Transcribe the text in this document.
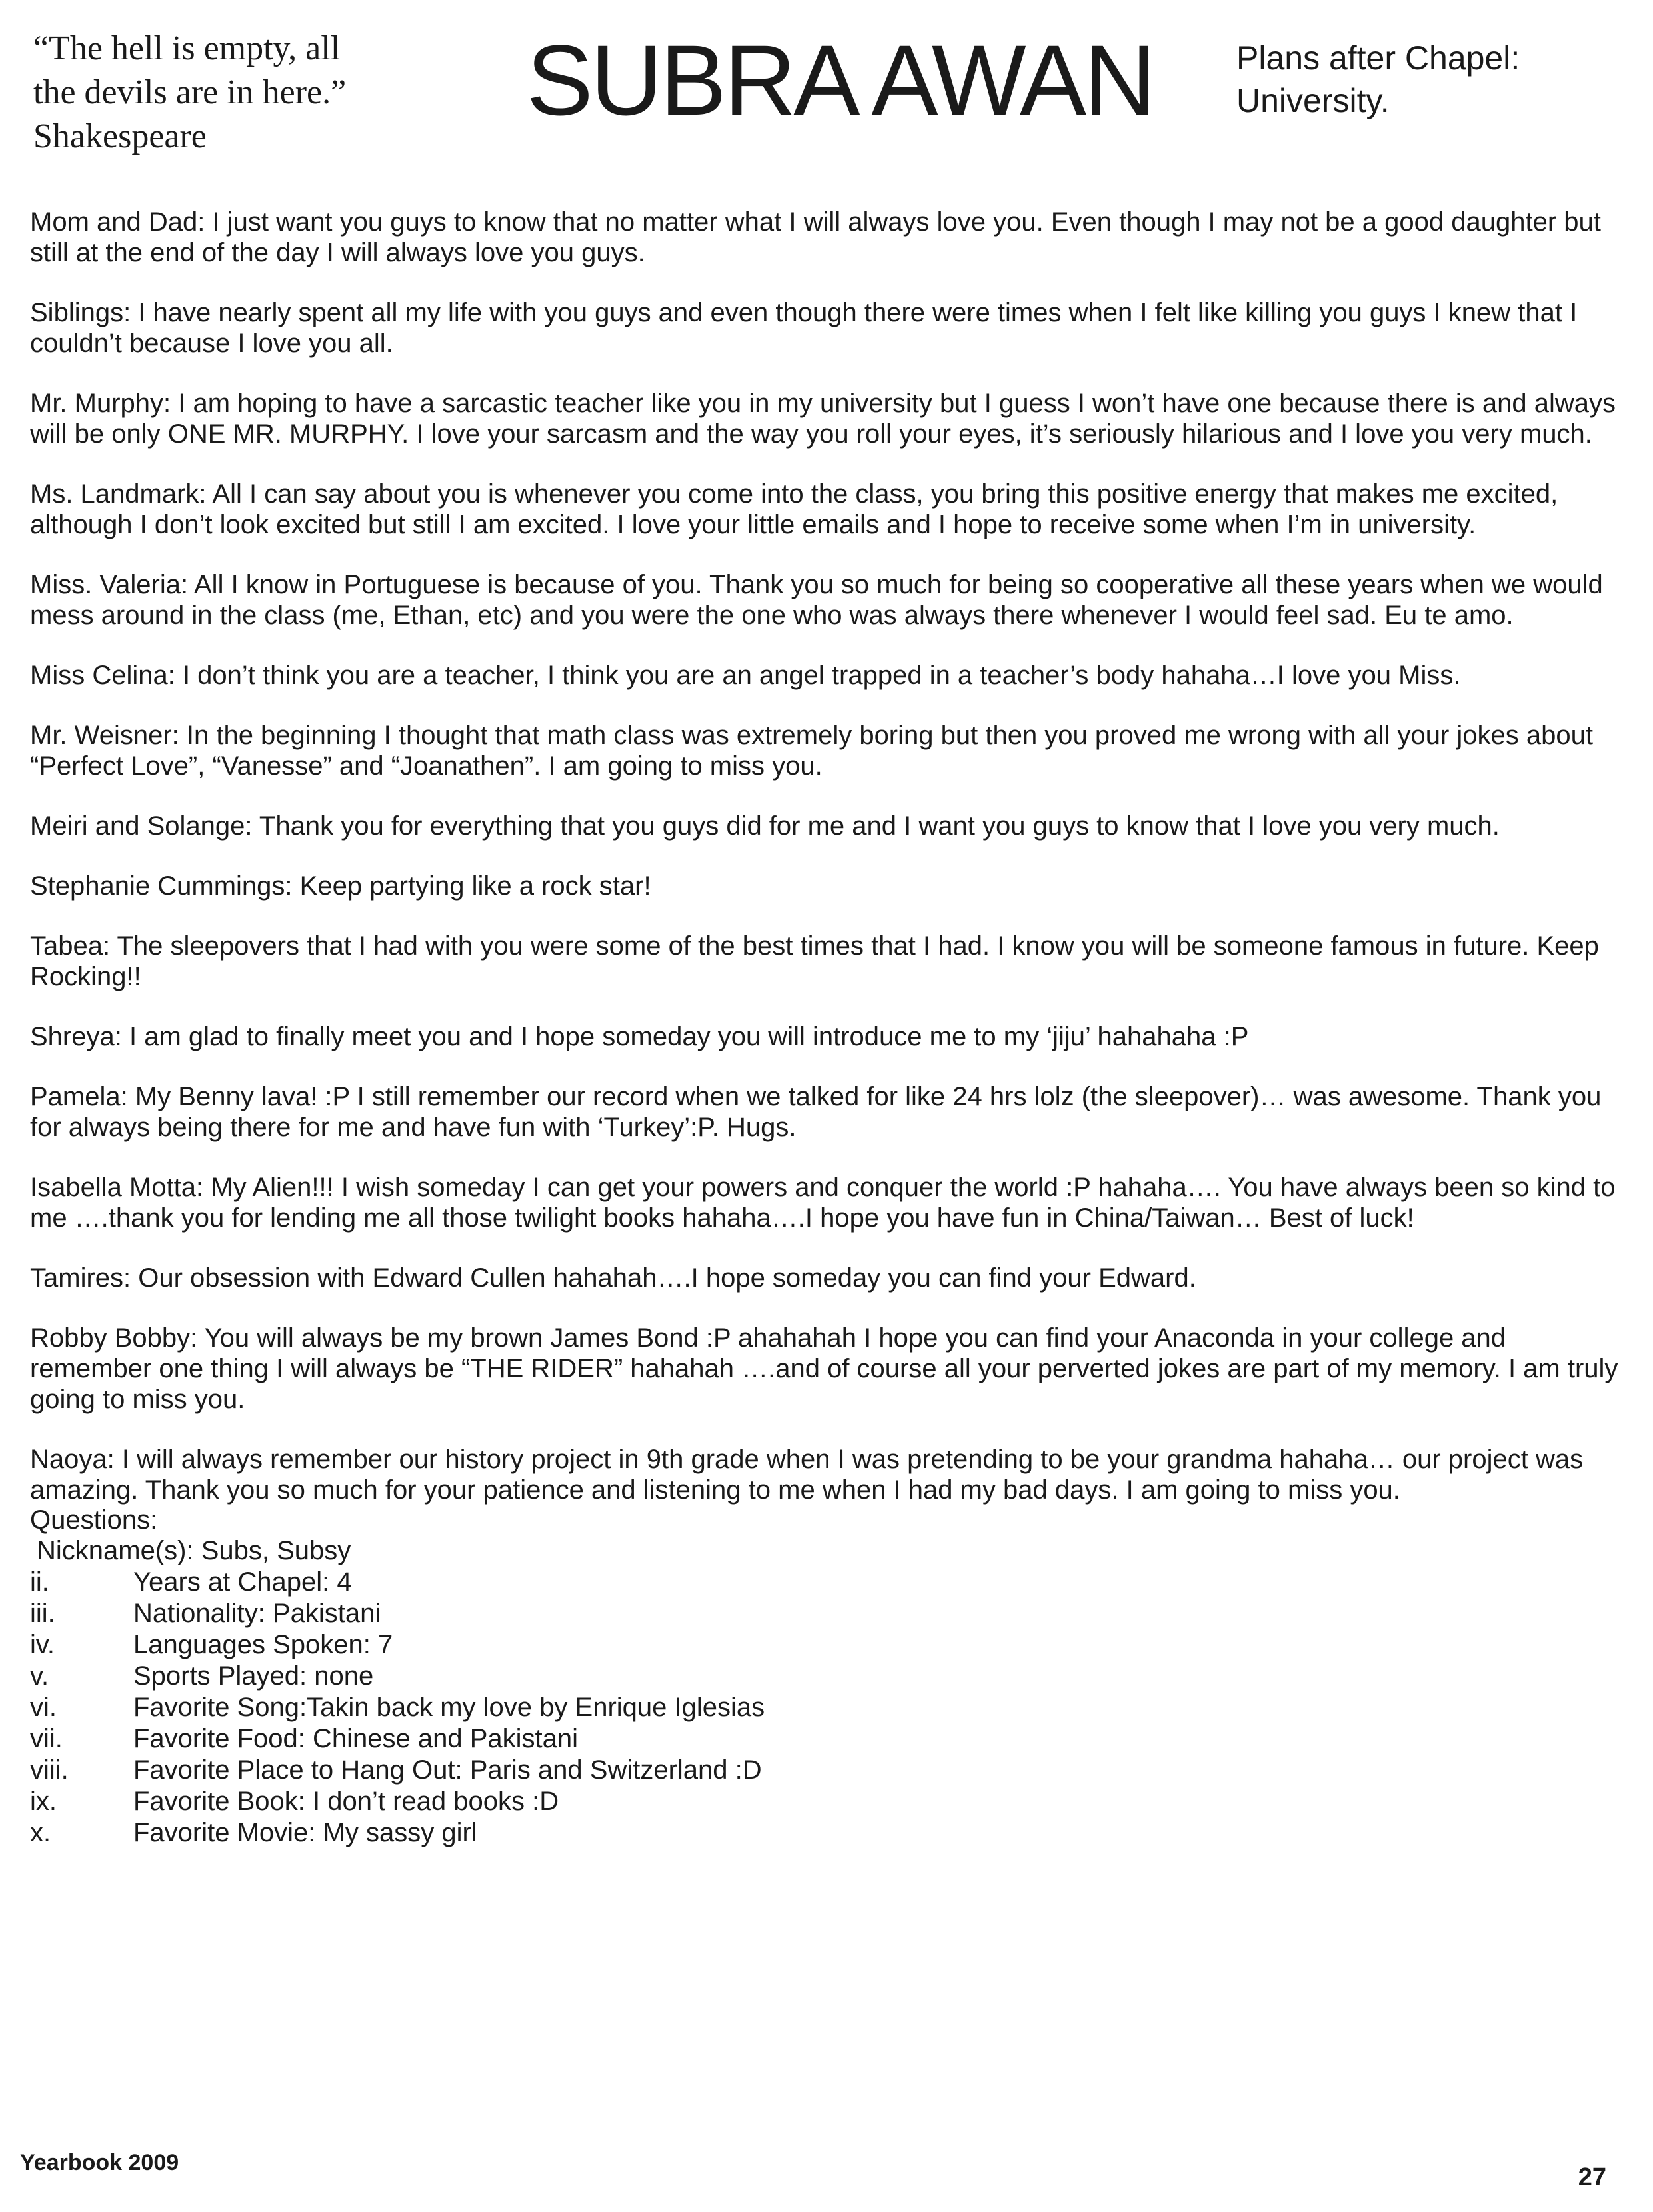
“The hell is empty, all
the devils are in here.”
Shakespeare
SUBRA AWAN	Plans after Chapel:
University.

Mom and Dad: I just want you guys to know that no matter what I will always love you. Even though I may not be a good daughter but still at the end of the day I will always love you guys.

Siblings: I have nearly spent all my life with you guys and even though there were times when I felt like killing you guys I knew that I couldn’t because I love you all.

Mr. Murphy: I am hoping to have a sarcastic teacher like you in my university but I guess I won’t have one because there is and always will be only ONE MR. MURPHY. I love your sarcasm and the way you roll your eyes, it’s seriously hilarious and I love you very much.

Ms. Landmark: All I can say about you is whenever you come into the class, you bring this positive energy that makes me excited, although I don’t look excited but still I am excited. I love your little emails and I hope to receive some when I’m in university.

Miss. Valeria: All I know in Portuguese is because of you. Thank you so much for being so cooperative all these years when we would mess around in the class (me, Ethan, etc) and you were the one who was always there whenever I would feel sad. Eu te amo.

Miss Celina: I don’t think you are a teacher, I think you are an angel trapped in a teacher’s body hahaha…I love you Miss.

Mr. Weisner: In the beginning I thought that math class was extremely boring but then you proved me wrong with all your jokes about “Perfect Love”, “Vanesse” and “Joanathen”. I am going to miss you.

Meiri and Solange: Thank you for everything that you guys did for me and I want you guys to know that I love you very much.

Stephanie Cummings: Keep partying like a rock star!

Tabea: The sleepovers that I had with you were some of the best times that I had. I know you will be someone famous in future. Keep Rocking!!

Shreya: I am glad to finally meet you and I hope someday you will introduce me to my ‘jiju’ hahahaha :P

Pamela: My Benny lava! :P I still remember our record when we talked for like 24 hrs lolz (the sleepover)… was awesome. Thank you for always being there for me and have fun with ‘Turkey’:P. Hugs.

Isabella Motta: My Alien!!! I wish someday I can get your powers and conquer the world :P hahaha…. You have always been so kind to me ….thank you for lending me all those twilight books hahaha….I hope you have fun in China/Taiwan… Best of luck!

Tamires: Our obsession with Edward Cullen hahahah….I hope someday you can find your Edward.

Robby Bobby: You will always be my brown James Bond :P ahahahah I hope you can find your Anaconda in your college and remember one thing I will always be “THE RIDER” hahahah ….and of course all your perverted jokes are part of my memory. I am truly going to miss you.

Naoya: I will always remember our history project in 9th grade when I was pretending to be your grandma hahaha… our project was amazing. Thank you so much for your patience and listening to me when I had my bad days. I am going to miss you.

Questions:

Nickname(s): Subs, Subsy

ii.	Years at Chapel: 4
iii.	Nationality: Pakistani
iv.	Languages Spoken: 7
v.	Sports Played: none
vi.	Favorite Song:Takin back my love by Enrique Iglesias
vii.	Favorite Food: Chinese and Pakistani
viii.	Favorite Place to Hang Out: Paris and Switzerland :D
ix.	Favorite Book: I don’t read books :D
x.	Favorite Movie: My sassy girl

Yearbook 2009

27
